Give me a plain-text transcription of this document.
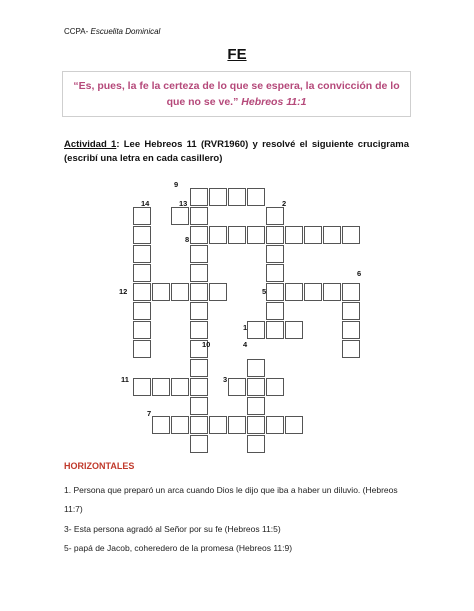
CCPA- Escuelita Dominical
FE
“Es, pues, la fe la certeza de lo que se espera, la convicción de lo que no se ve.” Hebreos 11:1
Actividad 1: Lee Hebreos 11 (RVR1960) y resolvé el siguiente crucigrama (escribí una letra en cada casillero)
9
14	13	2
8
6
12	5
1
10	4
11	3
7
HORIZONTALES
1. Persona que preparó un arca cuando Dios le dijo que iba a haber un diluvio. (Hebreos
11:7)
3- Esta persona agradó al Señor por su fe (Hebreos 11:5)
5- papá de Jacob, coheredero de la promesa (Hebreos 11:9)
